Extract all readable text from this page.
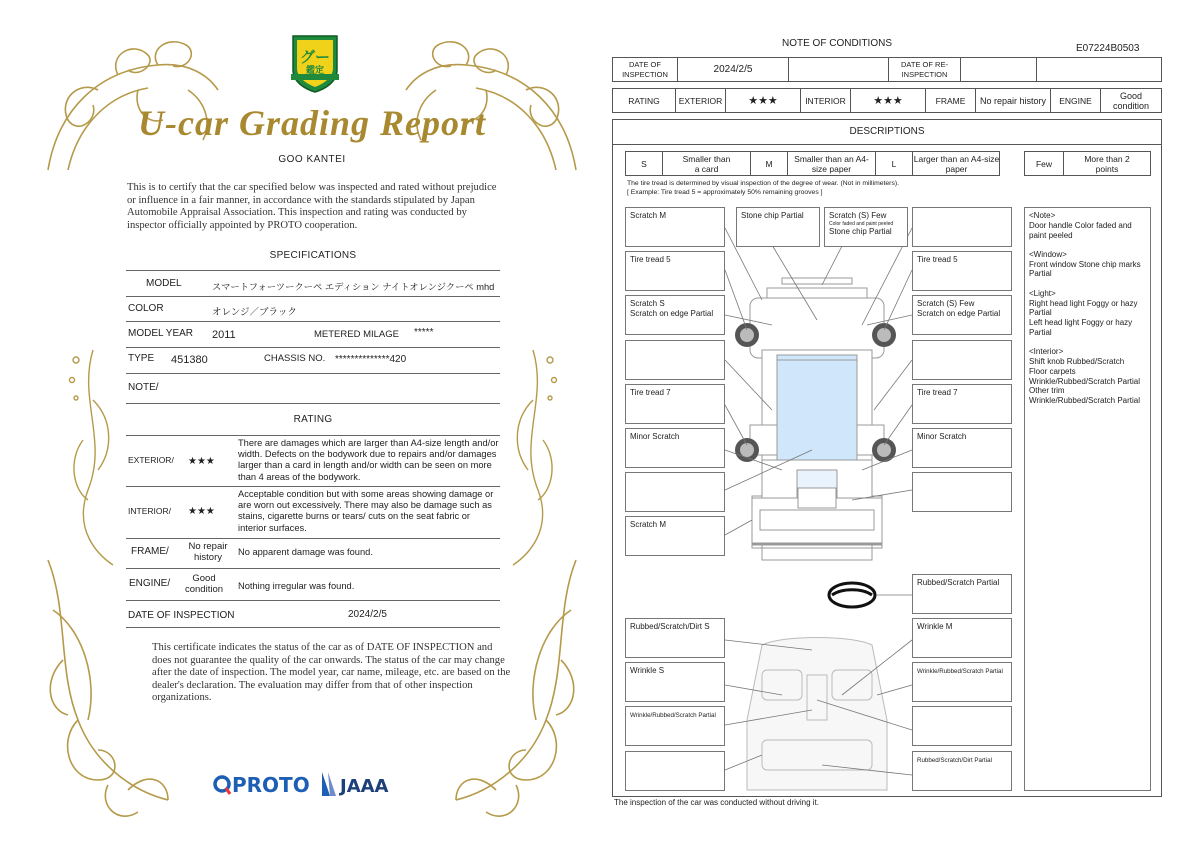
グー
鑑定
U-car Grading Report
GOO KANTEI
This is to certify that the car specified below was inspected and rated without prejudice or influence in a fair manner, in accordance with the standards stipulated by Japan Automobile Appraisal Association. This inspection and rating was conducted by inspector officially appointed by PROTO cooperation.
SPECIFICATIONS
MODEL	スマートフォーツークーペ エディション ナイトオレンジクーペ mhd
COLOR	オレンジ／ブラック
MODEL YEAR 2011	METERED MILAGE *****
TYPE 451380	CHASSIS NO. **************420
NOTE/
RATING
EXTERIOR/ ★★★
There are damages which are larger than A4-size length and/or width. Defects on the bodywork due to repairs and/or damages larger than a card in length and/or width can be seen on more than 4 areas of the bodywork.
INTERIOR/ ★★★
Acceptable condition but with some areas showing damage or are worn out excessively. There may also be damage such as stains, cigarette burns or tears/ cuts on the seat fabric or interior surfaces.
FRAME/	No repair history
No apparent damage was found.
ENGINE/	Good condition	Nothing irregular was found.
DATE OF INSPECTION	2024/2/5
This certificate indicates the status of the car as of DATE OF INSPECTION and does not guarantee the quality of the car onwards. The status of the car may change after the date of inspection. The model year, car name, mileage, etc. are based on the dealer's declaration. The evaluation may differ from that of other inspection organizations.
PROTO JAAA
NOTE OF CONDITIONS	E07224B0503
DATE OF INSPECTION	2024/2/5	DATE OF RE-INSPECTION
RATING	EXTERIOR	★★★	INTERIOR	★★★	FRAME	No repair history	ENGINE	Good condition
DESCRIPTIONS
S	Smaller than a card	M	Smaller than an A4-size paper	L	Larger than an A4-size paper	Few	More than 2 points
The tire tread is determined by visual inspection of the degree of wear. (Not in millimeters).
[ Example: Tire tread 5 = approximately 50% remaining grooves ]
Scratch M	Stone chip Partial	Scratch (S) Few
Color faded and paint peeled
Stone chip Partial
Tire tread 5	Tire tread 5
Scratch S
Scratch on edge Partial
Scratch (S) Few
Scratch on edge Partial
Tire tread 7	Tire tread 7
Minor Scratch	Minor Scratch
Scratch M
Rubbed/Scratch Partial
Rubbed/Scratch/Dirt S	Wrinkle M
Wrinkle S	Wrinkle/Rubbed/Scratch Partial
Wrinkle/Rubbed/Scratch Partial
Rubbed/Scratch/Dirt Partial
<Note>
Door handle Color faded and paint peeled
<Window>
Front window Stone chip marks Partial
<Light>
Right head light Foggy or hazy Partial
Left head light Foggy or hazy Partial
<Interior>
Shift knob Rubbed/Scratch
Floor carpets Wrinkle/Rubbed/Scratch Partial
Other trim Wrinkle/Rubbed/Scratch Partial
The inspection of the car was conducted without driving it.
